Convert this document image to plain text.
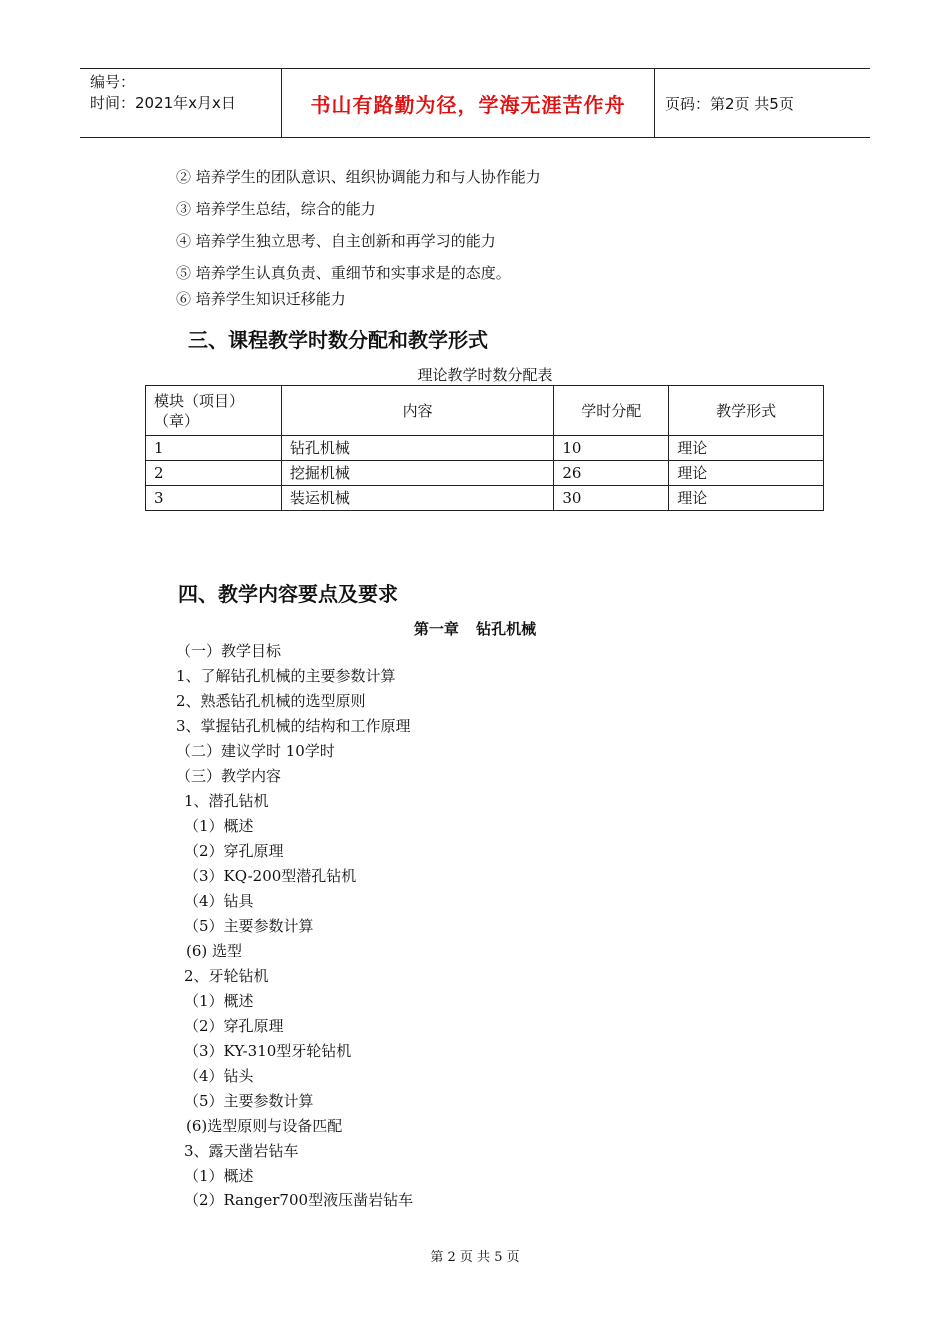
编号：
时间：2021年x月x日	书山有路勤为径，学海无涯苦作舟	页码：第2页 共5页
② 培养学生的团队意识、组织协调能力和与人协作能力
③ 培养学生总结，综合的能力
④ 培养学生独立思考、自主创新和再学习的能力
⑤ 培养学生认真负责、重细节和实事求是的态度。
⑥ 培养学生知识迁移能力
三、课程教学时数分配和教学形式
理论教学时数分配表
模块（项目）（章）	内容	学时分配	教学形式
1	钻孔机械	10	理论
2	挖掘机械	26	理论
3	装运机械	30	理论
四、教学内容要点及要求
第一章 钻孔机械
（一）教学目标
1、了解钻孔机械的主要参数计算
2、熟悉钻孔机械的选型原则
3、掌握钻孔机械的结构和工作原理
（二）建议学时 10学时
（三）教学内容
1、潜孔钻机
（1）概述
（2）穿孔原理
（3）KQ-200型潜孔钻机
（4）钻具
（5）主要参数计算
(6) 选型
2、牙轮钻机
（1）概述
（2）穿孔原理
（3）KY-310型牙轮钻机
（4）钻头
（5）主要参数计算
(6)选型原则与设备匹配
3、露天凿岩钻车
（1）概述
（2）Ranger700型液压凿岩钻车
第 2 页 共 5 页
